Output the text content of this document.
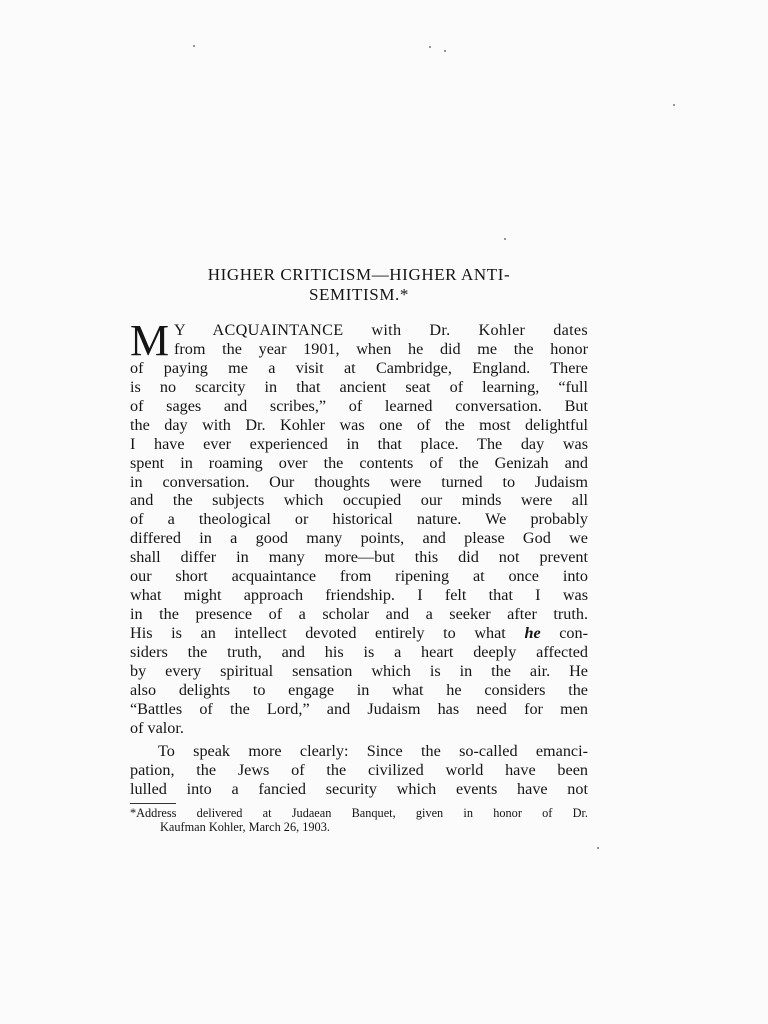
HIGHER CRITICISM—HIGHER ANTI-
SEMITISM.*
M Y ACQUAINTANCE with Dr. Kohler dates
from the year 1901, when he did me the honor
of paying me a visit at Cambridge, England. There
is no scarcity in that ancient seat of learning, “full
of sages and scribes,” of learned conversation. But
the day with Dr. Kohler was one of the most delightful
I have ever experienced in that place. The day was
spent in roaming over the contents of the Genizah and
in conversation. Our thoughts were turned to Judaism
and the subjects which occupied our minds were all
of a theological or historical nature. We probably
differed in a good many points, and please God we
shall differ in many more—but this did not prevent
our short acquaintance from ripening at once into
what might approach friendship. I felt that I was
in the presence of a scholar and a seeker after truth.
His is an intellect devoted entirely to what he con-
siders the truth, and his is a heart deeply affected
by every spiritual sensation which is in the air. He
also delights to engage in what he considers the
“Battles of the Lord,” and Judaism has need for men
of valor.
To speak more clearly: Since the so-called emanci-
pation, the Jews of the civilized world have been
lulled into a fancied security which events have not
*Address delivered at Judaean Banquet, given in honor of Dr.
Kaufman Kohler, March 26, 1903.
